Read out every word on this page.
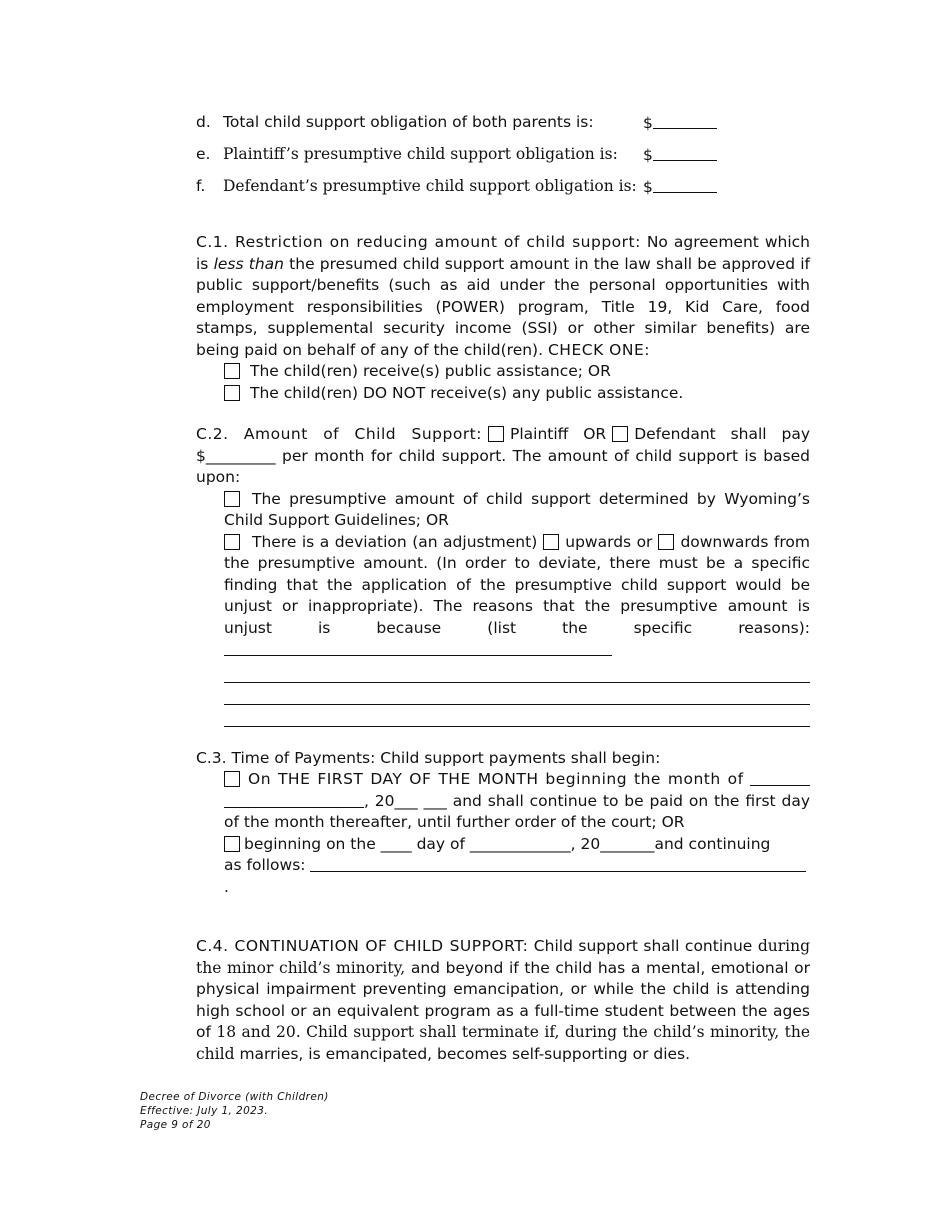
d. Total child support obligation of both parents is:	$
e. Plaintiff’s presumptive child support obligation is: $
f. Defendant’s presumptive child support obligation is: $
C.1. Restriction on reducing amount of child support: No agreement which is less than the presumed child support amount in the law shall be approved if public support/benefits (such as aid under the personal opportunities with employment responsibilities (POWER) program, Title 19, Kid Care, food stamps, supplemental security income (SSI) or other similar benefits) are being paid on behalf of any of the child(ren). CHECK ONE:
The child(ren) receive(s) public assistance; OR
The child(ren) DO NOT receive(s) any public assistance.
C.2. Amount of Child Support: Plaintiff OR Defendant shall pay $_________ per month for child support. The amount of child support is based upon:
The presumptive amount of child support determined by Wyoming’s Child Support Guidelines; OR
There is a deviation (an adjustment) upwards or downwards from the presumptive amount. (In order to deviate, there must be a specific finding that the application of the presumptive child support would be unjust or inappropriate). The reasons that the presumptive amount is unjust is because	(list the specific reasons):
C.3. Time of Payments: Child support payments shall begin:
On THE FIRST DAY OF THE MONTH beginning the month of  , 20___ ___ and shall continue to be paid on the first day of the month thereafter, until further order of the court; OR
beginning on the ____ day of _____________, 20_______and continuing
as follows: .
C.4. CONTINUATION OF CHILD SUPPORT: Child support shall continue during the minor child’s minority, and beyond if the child has a mental, emotional or physical impairment preventing emancipation, or while the child is attending high school or an equivalent program as a full-time student between the ages of 18 and 20. Child support shall terminate if, during the child’s minority, the child marries, is emancipated, becomes self-supporting or dies.
Decree of Divorce (with Children)
Effective: July 1, 2023.
Page 9 of 20
